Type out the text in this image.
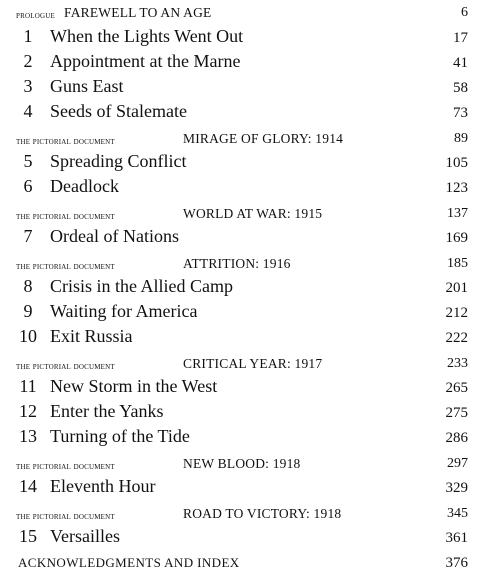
prologue FAREWELL TO AN AGE	6
1 When the Lights Went Out	17
2 Appointment at the Marne	41
3 Guns East	58
4 Seeds of Stalemate	73
the pictorial document	MIRAGE OF GLORY: 1914	89
5 Spreading Conflict	105
6 Deadlock	123
the pictorial document	WORLD AT WAR: 1915	137
7 Ordeal of Nations	169
the pictorial document	ATTRITION: 1916	185
8 Crisis in the Allied Camp	201
9 Waiting for America	212
10 Exit Russia	222
the pictorial document	CRITICAL YEAR: 1917	233
11 New Storm in the West	265
12 Enter the Yanks	275
13 Turning of the Tide	286
the pictorial document	NEW BLOOD: 1918	297
14 Eleventh Hour	329
the pictorial document	ROAD TO VICTORY: 1918	345
15 Versailles	361
ACKNOWLEDGMENTS AND INDEX	376
